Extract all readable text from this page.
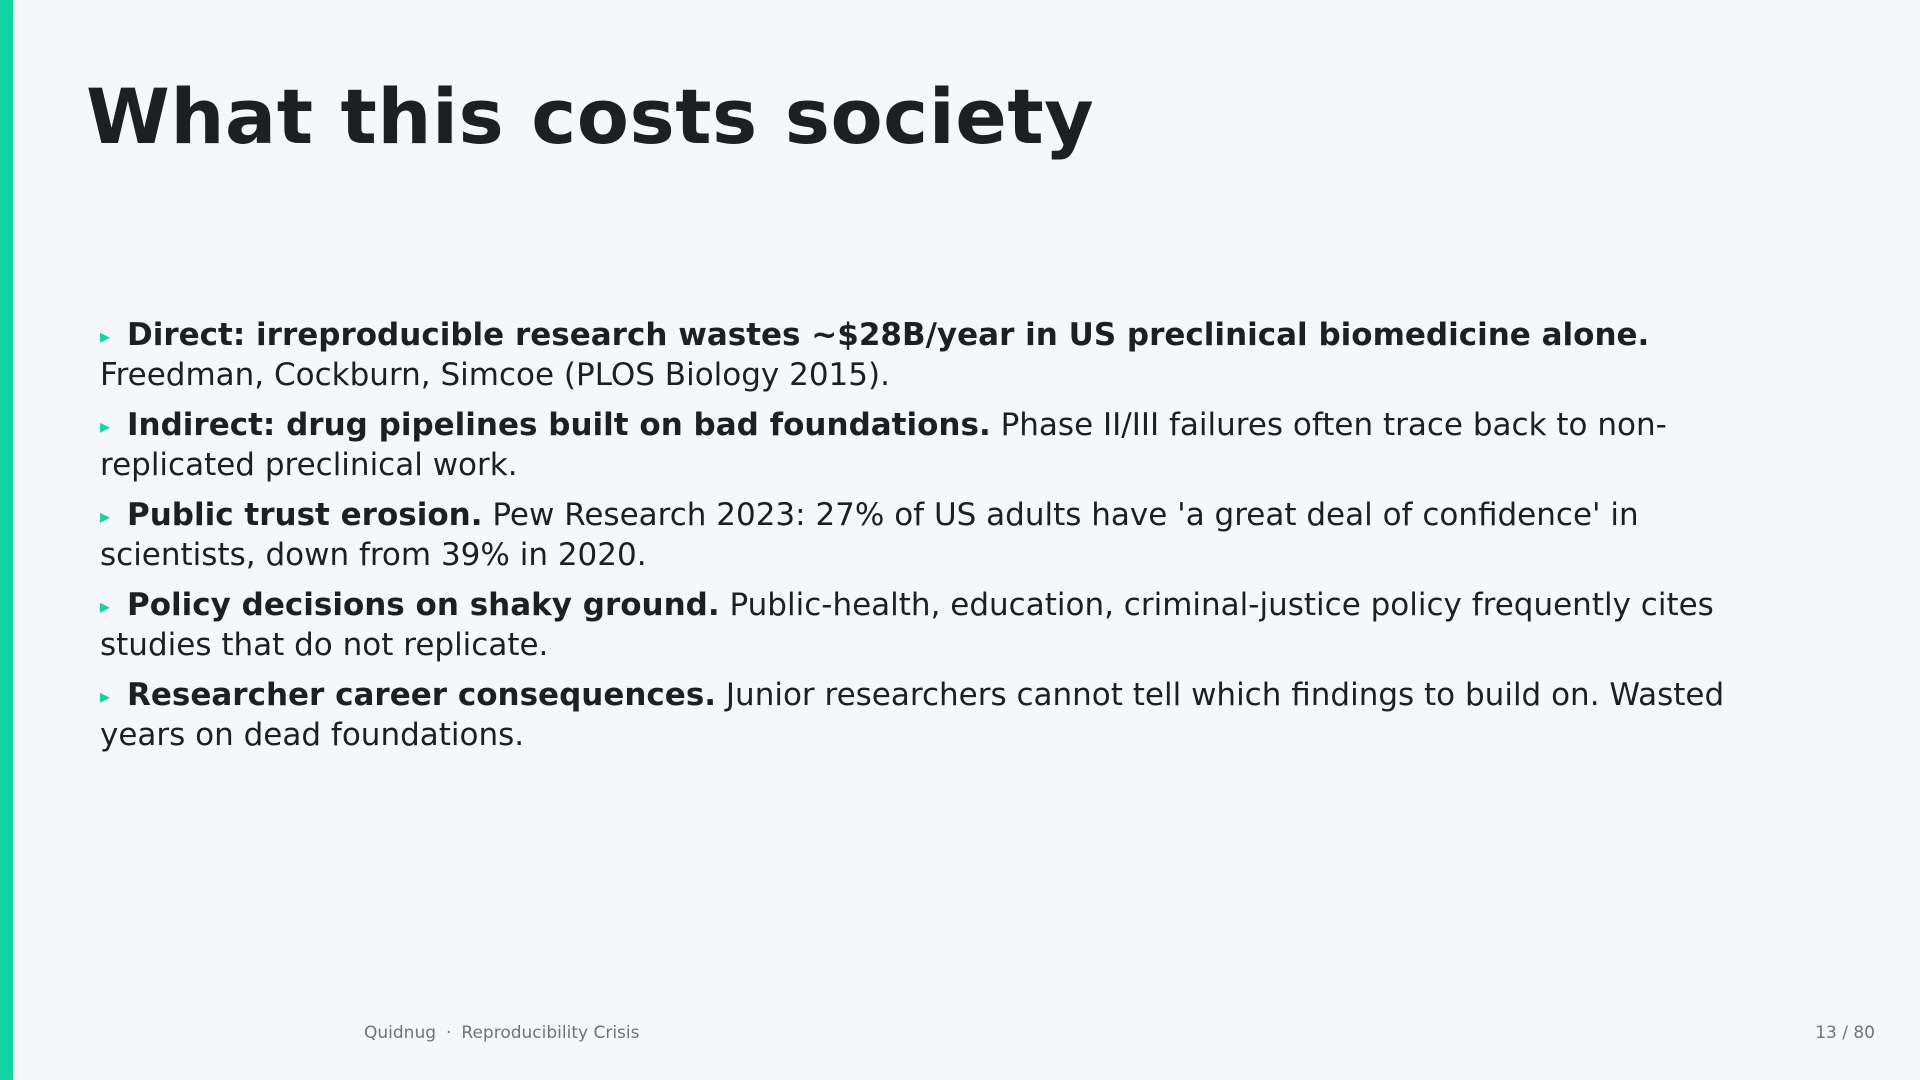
What this costs society
▸ Direct: irreproducible research wastes ~$28B/year in US preclinical biomedicine alone. Freedman, Cockburn, Simcoe (PLOS Biology 2015).
▸ Indirect: drug pipelines built on bad foundations. Phase II/III failures often trace back to non-replicated preclinical work.
▸ Public trust erosion. Pew Research 2023: 27% of US adults have 'a great deal of confidence' in scientists, down from 39% in 2020.
▸ Policy decisions on shaky ground. Public-health, education, criminal-justice policy frequently cites studies that do not replicate.
▸ Researcher career consequences. Junior researchers cannot tell which findings to build on. Wasted years on dead foundations.
Quidnug · Reproducibility Crisis	13 / 80
